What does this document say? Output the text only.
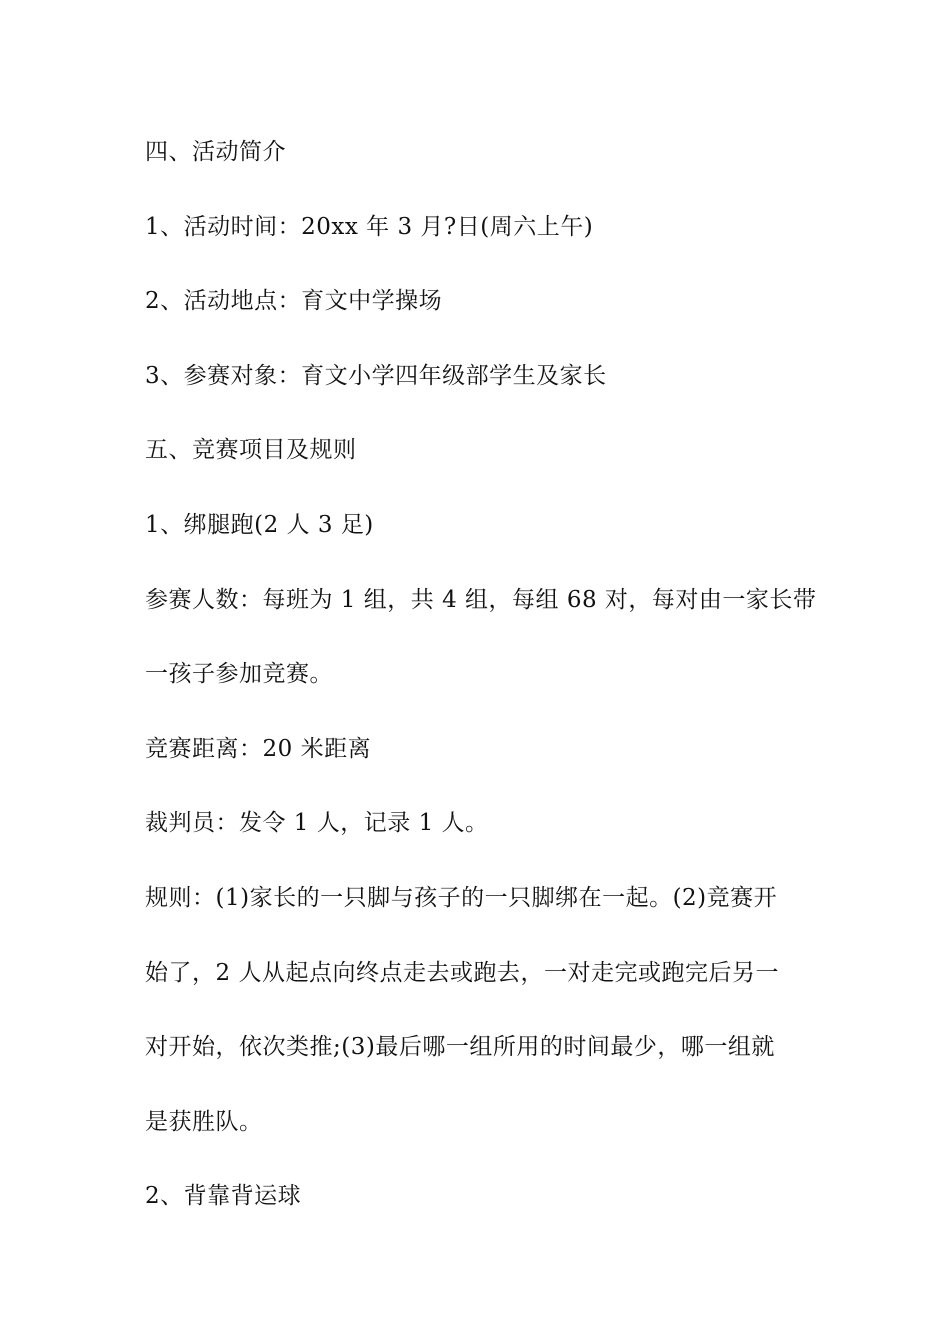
四、活动简介
1、活动时间：20xx 年 3 月?日(周六上午)
2、活动地点：育文中学操场
3、参赛对象：育文小学四年级部学生及家长
五、竞赛项目及规则
1、绑腿跑(2 人 3 足)
参赛人数：每班为 1 组，共 4 组，每组 68 对，每对由一家长带
一孩子参加竞赛。
竞赛距离：20 米距离
裁判员：发令 1 人，记录 1 人。
规则：(1)家长的一只脚与孩子的一只脚绑在一起。(2)竞赛开
始了，2 人从起点向终点走去或跑去，一对走完或跑完后另一
对开始，依次类推;(3)最后哪一组所用的时间最少，哪一组就
是获胜队。
2、背靠背运球
